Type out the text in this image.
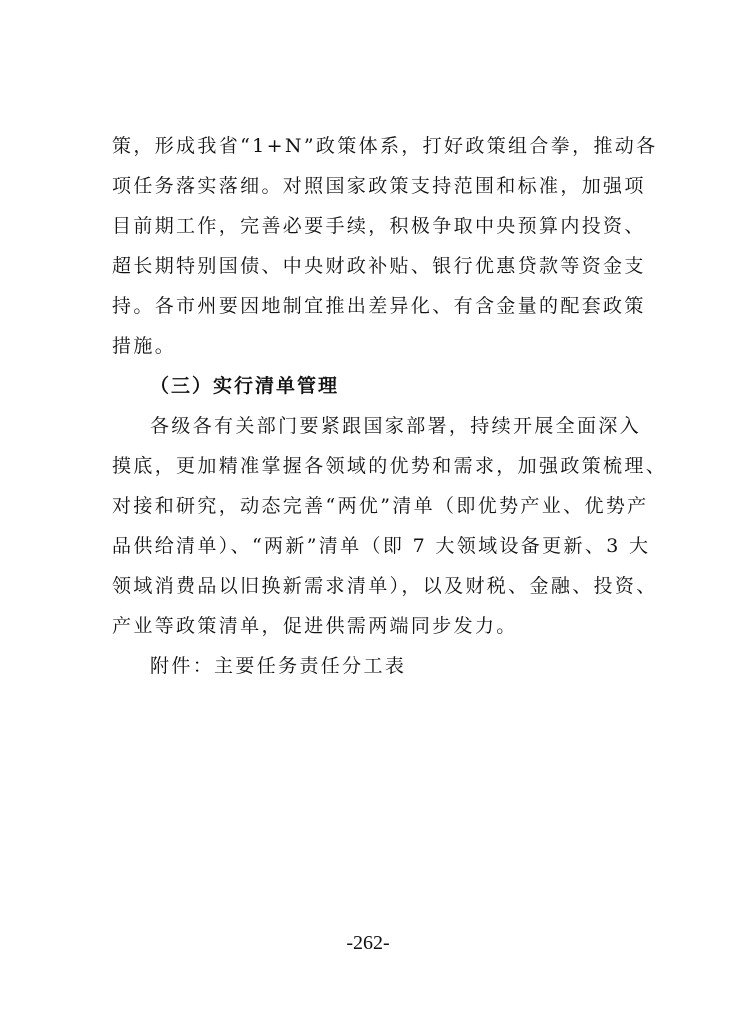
策，形成我省“1+N”政策体系，打好政策组合拳，推动各
项任务落实落细。对照国家政策支持范围和标准，加强项
目前期工作，完善必要手续，积极争取中央预算内投资、
超长期特别国债、中央财政补贴、银行优惠贷款等资金支
持。各市州要因地制宜推出差异化、有含金量的配套政策
措施。
（三）实行清单管理
各级各有关部门要紧跟国家部署，持续开展全面深入
摸底，更加精准掌握各领域的优势和需求，加强政策梳理、
对接和研究，动态完善“两优”清单（即优势产业、优势产
品供给清单）、“两新”清单（即 7 大领域设备更新、3 大
领域消费品以旧换新需求清单），以及财税、金融、投资、
产业等政策清单，促进供需两端同步发力。
附件：主要任务责任分工表
-262-
